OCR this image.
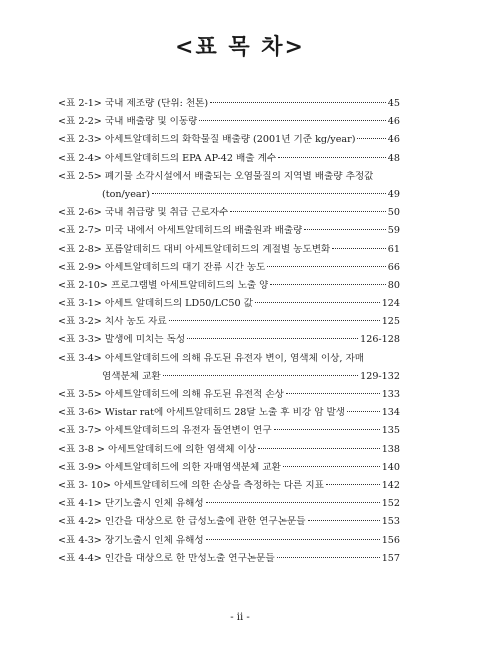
<표 목 차>
<표 2-1> 국내 제조량 (단위: 천톤)	45
<표 2-2> 국내 배출량 및 이동량	46
<표 2-3> 아세트알데히드의 화학물질 배출량 (2001년 기준 kg/year)	46
<표 2-4> 아세트알데히드의 EPA AP-42 배출 계수	48
<표 2-5> 폐기물 소각시설에서 배출되는 오염물질의 지역별 배출량 추정값
(ton/year)	49
<표 2-6> 국내 취급량 및 취급 근로자수	50
<표 2-7> 미국 내에서 아세트알데히드의 배출원과 배출량	59
<표 2-8> 포름알데히드 대비 아세트알데히드의 계절별 농도변화	61
<표 2-9> 아세트알데히드의 대기 잔류 시간 농도	66
<표 2-10> 프로그램별 아세트알데히드의 노출 양	80
<표 3-1> 아세트 알데히드의 LD50/LC50 값	124
<표 3-2> 치사 농도 자료	125
<표 3-3> 발생에 미치는 독성	126-128
<표 3-4> 아세트알데히드에 의해 유도된 유전자 변이, 염색체 이상, 자매
염색분체 교환	129-132
<표 3-5> 아세트알데히드에 의해 유도된 유전적 손상	133
<표 3-6> Wistar rat에 아세트알데히드 28달 노출 후 비강 암 발생	134
<표 3-7> 아세트알데히드의 유전자 돌연변이 연구	135
<표 3-8 > 아세트알데히드에 의한 염색체 이상	138
<표 3-9> 아세트알데히드에 의한 자매염색분체 교환	140
<표 3- 10> 아세트알데히드에 의한 손상을 측정하는 다른 지표	142
<표 4-1> 단기노출시 인체 유해성	152
<표 4-2> 인간을 대상으로 한 급성노출에 관한 연구논문들	153
<표 4-3> 장기노출시 인체 유해성	156
<표 4-4> 인간을 대상으로 한 만성노출 연구논문들	157
- ii -
